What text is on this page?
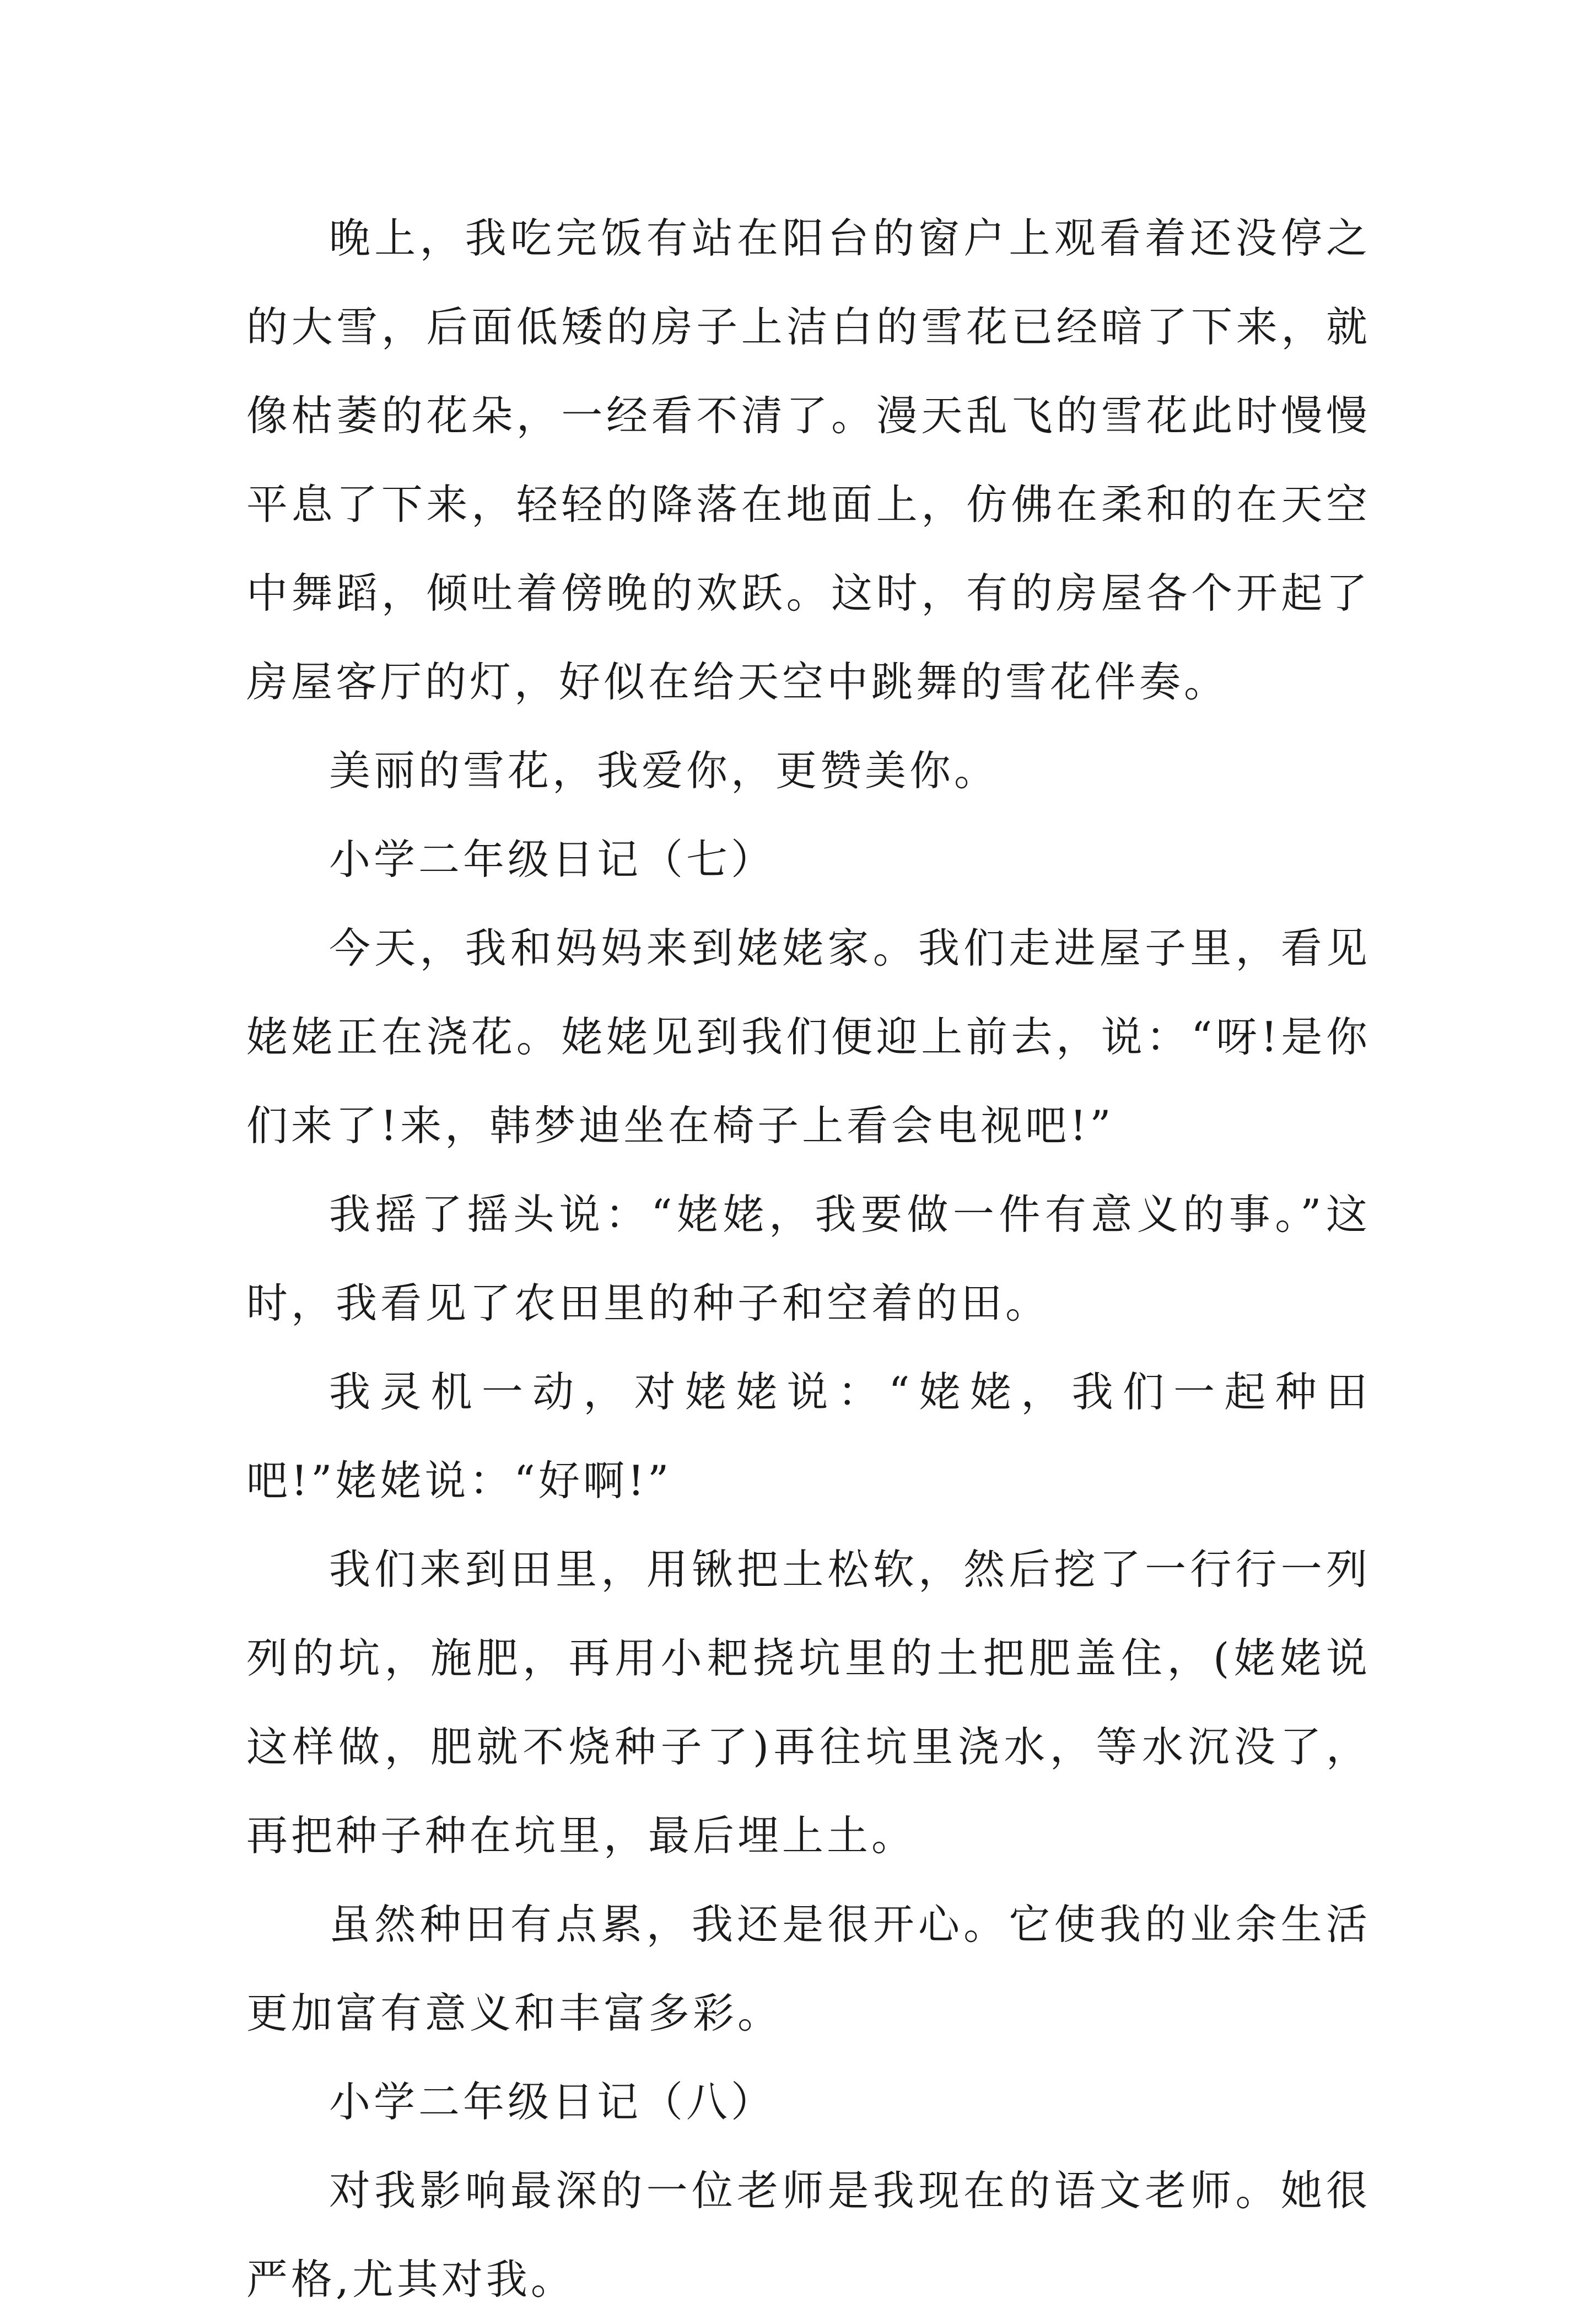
晚上，我吃完饭有站在阳台的窗户上观看着还没停之的大雪，后面低矮的房子上洁白的雪花已经暗了下来，就像枯萎的花朵，一经看不清了。漫天乱飞的雪花此时慢慢平息了下来，轻轻的降落在地面上，仿佛在柔和的在天空中舞蹈，倾吐着傍晚的欢跃。这时，有的房屋各个开起了房屋客厅的灯，好似在给天空中跳舞的雪花伴奏。

美丽的雪花，我爱你，更赞美你。

小学二年级日记（七）

今天，我和妈妈来到姥姥家。我们走进屋子里，看见姥姥正在浇花。姥姥见到我们便迎上前去，说：“呀!是你们来了!来，韩梦迪坐在椅子上看会电视吧!”

我摇了摇头说：“姥姥，我要做一件有意义的事。”这时，我看见了农田里的种子和空着的田。

我灵机一动，对姥姥说：“姥姥，我们一起种田吧!”姥姥说：“好啊!”

我们来到田里，用锹把土松软，然后挖了一行行一列列的坑，施肥，再用小耙挠坑里的土把肥盖住，(姥姥说这样做，肥就不烧种子了)再往坑里浇水，等水沉没了，再把种子种在坑里，最后埋上土。

虽然种田有点累，我还是很开心。它使我的业余生活更加富有意义和丰富多彩。

小学二年级日记（八）

对我影响最深的一位老师是我现在的语文老师。她很严格,尤其对我。
